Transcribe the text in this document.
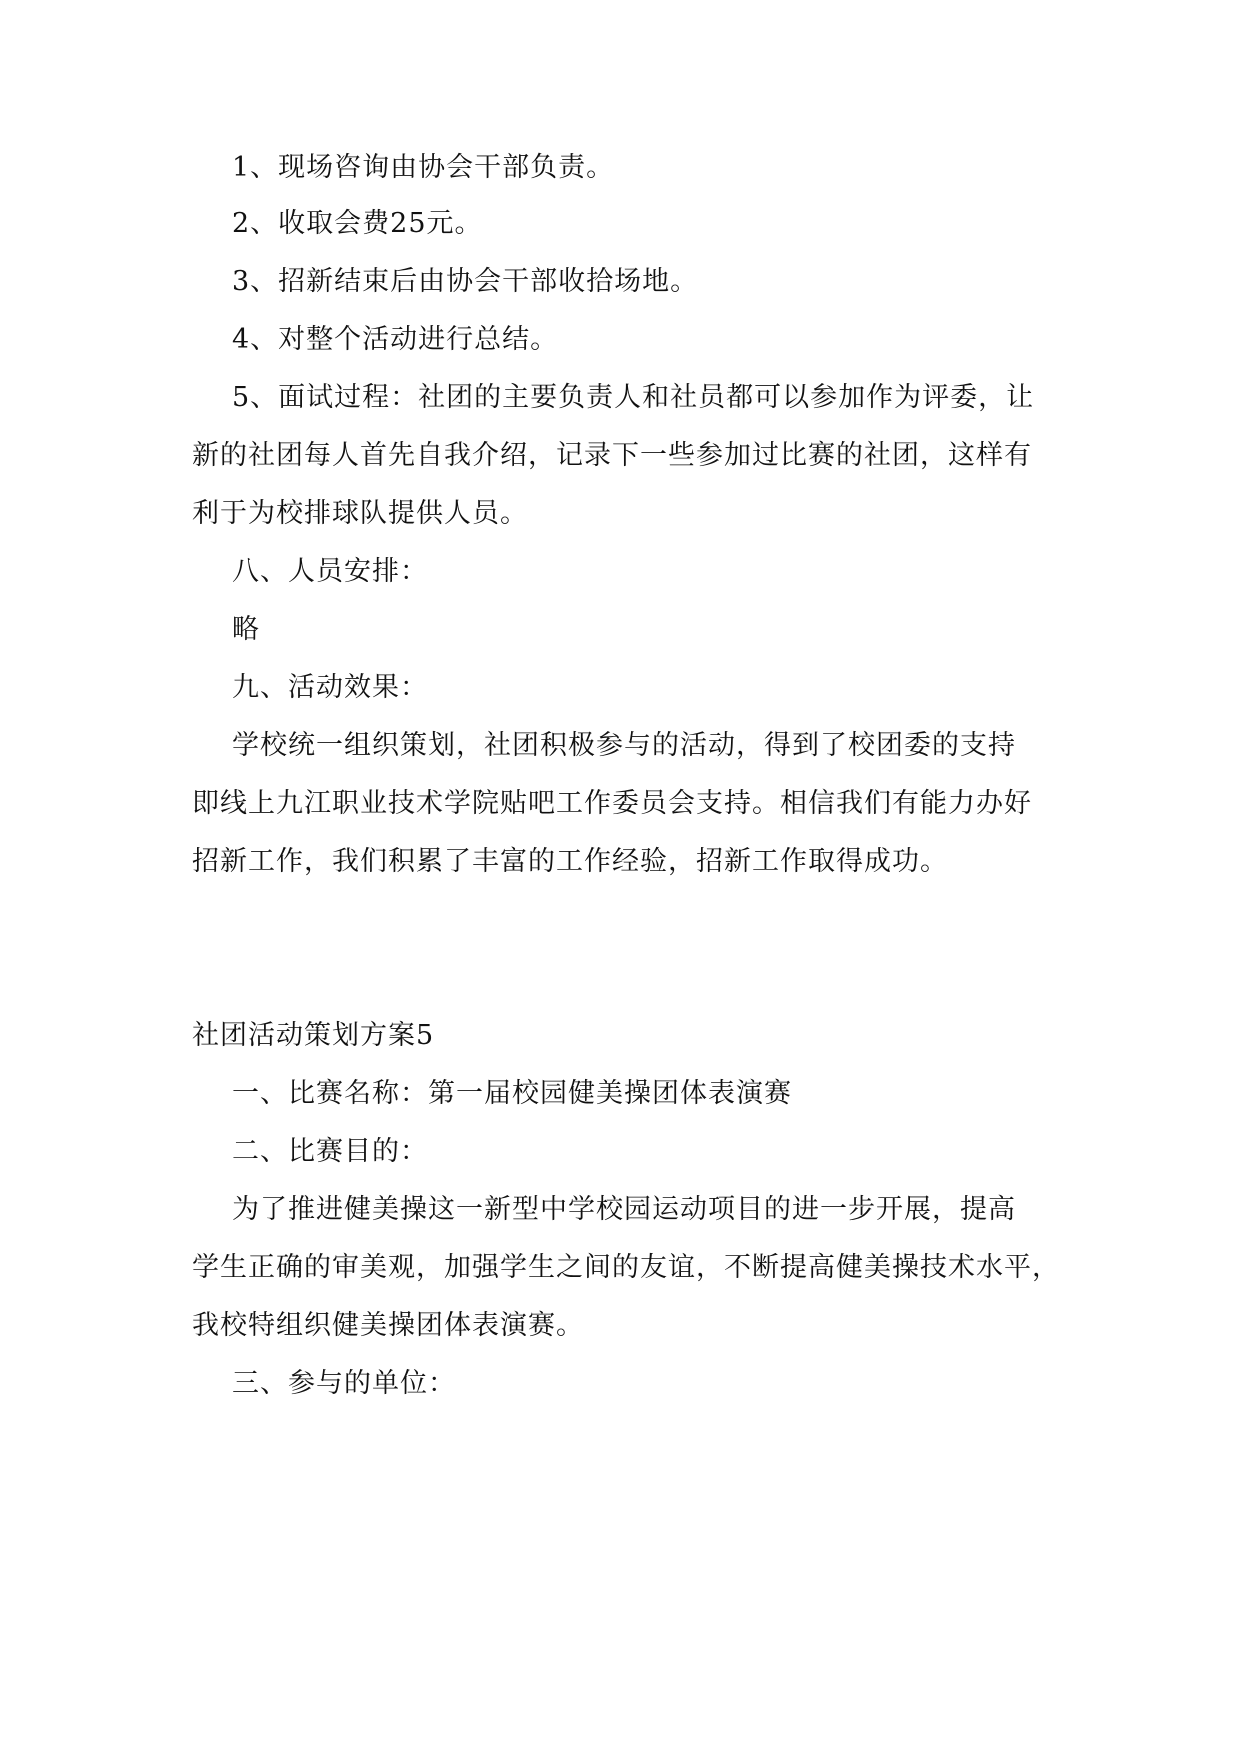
1、现场咨询由协会干部负责。
2、收取会费25元。
3、招新结束后由协会干部收拾场地。
4、对整个活动进行总结。
5、面试过程：社团的主要负责人和社员都可以参加作为评委，让
新的社团每人首先自我介绍，记录下一些参加过比赛的社团，这样有
利于为校排球队提供人员。
八、人员安排：
略
九、活动效果：
学校统一组织策划，社团积极参与的活动，得到了校团委的支持
即线上九江职业技术学院贴吧工作委员会支持。相信我们有能力办好
招新工作，我们积累了丰富的工作经验，招新工作取得成功。
社团活动策划方案5
一、比赛名称：第一届校园健美操团体表演赛
二、比赛目的：
为了推进健美操这一新型中学校园运动项目的进一步开展，提高
学生正确的审美观，加强学生之间的友谊，不断提高健美操技术水平，
我校特组织健美操团体表演赛。
三、参与的单位：
